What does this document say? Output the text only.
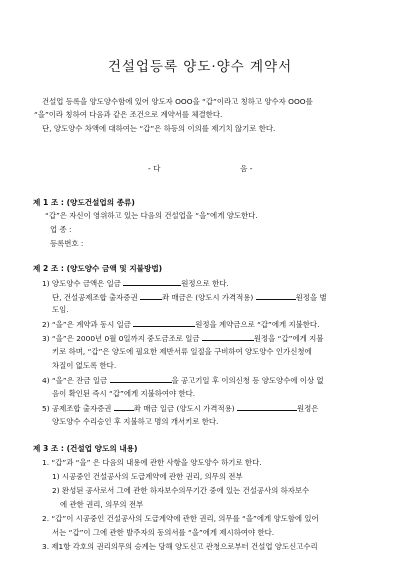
건설업등록 양도·양수 계약서
건설업 등록을 양도양수함에 있어 양도자 OOO을 “갑”이라고 칭하고 양수자 OOO를
“을”이라 칭하여 다음과 같은 조건으로 계약서를 체결한다.
단, 양도양수 차액에 대하여는 “갑”은 하등의 이의를 제기치 않기로 한다.
- 다	음 -
제 1 조 : (양도건설업의 종류)
“갑”은 자신이 영위하고 있는 다음의 건설업을 “을”에게 양도한다.
업 종 :
등록번호 :
제 2 조 : (양도양수 금액 및 지불방법)
1) 양도양수 금액은 일금	원정으로 한다.
단, 건설공제조합 출자증권	좌 매금은 (양도시 가격적용)	원정을 별
도임.
2) “을”은 계약과 동시 일금	원정을 계약금으로 “갑”에게 지불한다.
3) “을”은 2000년 0월 0일까지 중도금조로 일금	원정을 “갑”에게 지불
키로 하며, “갑”은 양도에 필요한 제반서류 일절을 구비하여 양도양수 인가신청에
차질이 없도록 한다.
4) “을”은 잔금 일금	을 공고기일 후 이의신청 등 양도양수에 이상 없
음이 확인된 즉시 “갑”에게 지불하여야 한다.
5) 공제조합 출자증권	좌 매금 일금 (양도시 가격적용)	원정은
양도양수 수리승인 후 지불하고 명의 개서키로 한다.
제 3 조 : (건설업 양도의 내용)
1. “갑”과 “을” 은 다음의 내용에 관한 사항을 양도양수 하기로 한다.
1) 시공중인 건설공사의 도급계약에 관한 권리, 의무의 전부
2) 완성된 공사로서 그에 관한 하자보수의무기간 중에 있는 건설공사의 하자보수
에 관한 권리, 의무의 전부
2. “갑”이 시공중인 건설공사의 도급계약에 관한 권리, 의무를 “을”에게 양도함에 있어
서는 “갑”이 그에 관한 발주자의 동의서를 “을”에게 제시하여야 한다.
3. 제1항 각호의 권리의무의 승계는 당해 양도신고 관청으로부터 건설업 양도신고수리
